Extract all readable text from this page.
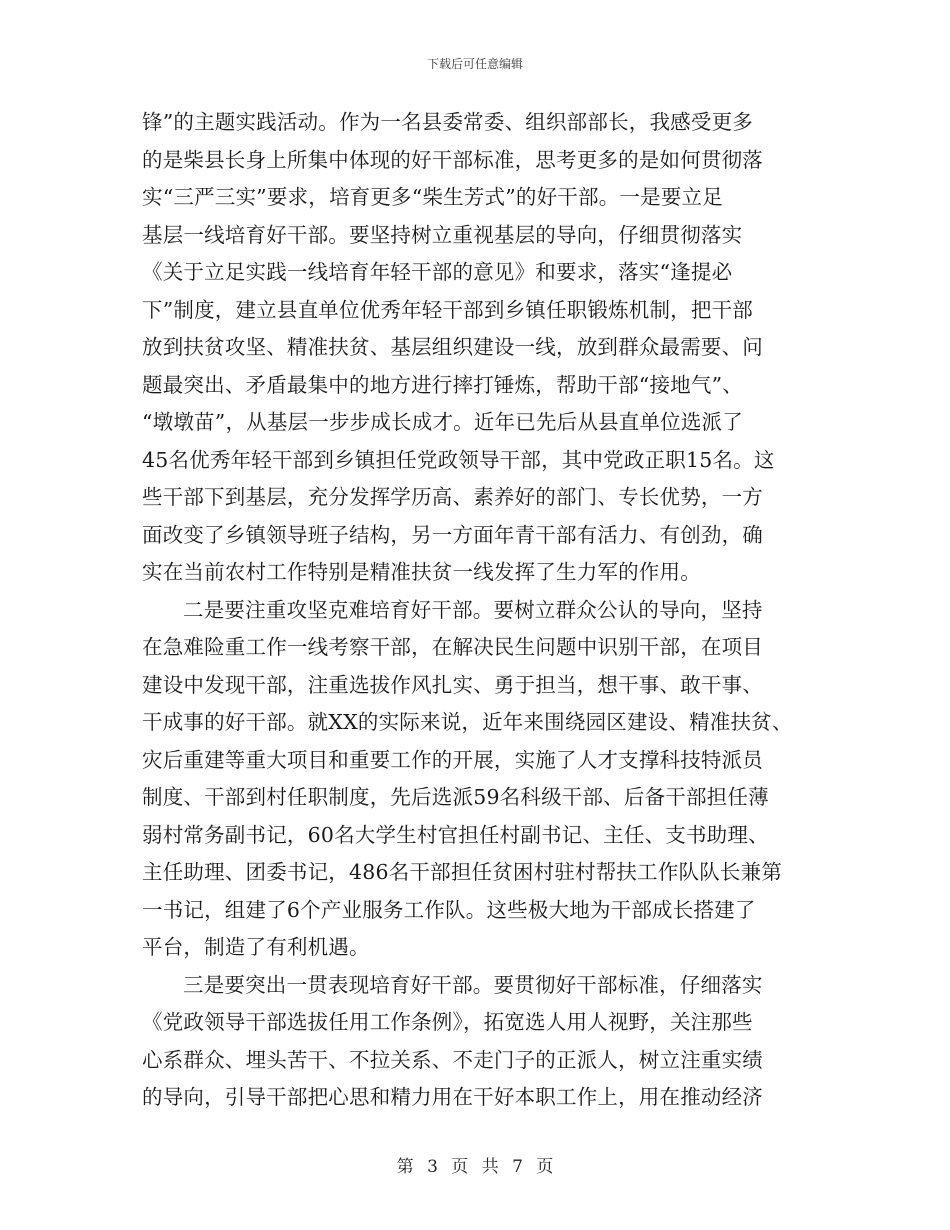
下载后可任意编辑
锋”的主题实践活动。作为一名县委常委、组织部部长，我感受更多
的是柴县长身上所集中体现的好干部标准，思考更多的是如何贯彻落
实“三严三实”要求，培育更多“柴生芳式”的好干部。一是要立足
基层一线培育好干部。要坚持树立重视基层的导向，仔细贯彻落实
《关于立足实践一线培育年轻干部的意见》和要求，落实“逢提必
下”制度，建立县直单位优秀年轻干部到乡镇任职锻炼机制，把干部
放到扶贫攻坚、精准扶贫、基层组织建设一线，放到群众最需要、问
题最突出、矛盾最集中的地方进行摔打锤炼，帮助干部“接地气”、
“墩墩苗”，从基层一步步成长成才。近年已先后从县直单位选派了
45名优秀年轻干部到乡镇担任党政领导干部，其中党政正职15名。这
些干部下到基层，充分发挥学历高、素养好的部门、专长优势，一方
面改变了乡镇领导班子结构，另一方面年青干部有活力、有创劲，确
实在当前农村工作特别是精准扶贫一线发挥了生力军的作用。
二是要注重攻坚克难培育好干部。要树立群众公认的导向，坚持
在急难险重工作一线考察干部，在解决民生问题中识别干部，在项目
建设中发现干部，注重选拔作风扎实、勇于担当，想干事、敢干事、
干成事的好干部。就XX的实际来说，近年来围绕园区建设、精准扶贫、
灾后重建等重大项目和重要工作的开展，实施了人才支撑科技特派员
制度、干部到村任职制度，先后选派59名科级干部、后备干部担任薄
弱村常务副书记，60名大学生村官担任村副书记、主任、支书助理、
主任助理、团委书记，486名干部担任贫困村驻村帮扶工作队队长兼第
一书记，组建了6个产业服务工作队。这些极大地为干部成长搭建了
平台，制造了有利机遇。
三是要突出一贯表现培育好干部。要贯彻好干部标准，仔细落实
《党政领导干部选拔任用工作条例》，拓宽选人用人视野，关注那些
心系群众、埋头苦干、不拉关系、不走门子的正派人，树立注重实绩
的导向，引导干部把心思和精力用在干好本职工作上，用在推动经济
第 3 页 共 7 页
